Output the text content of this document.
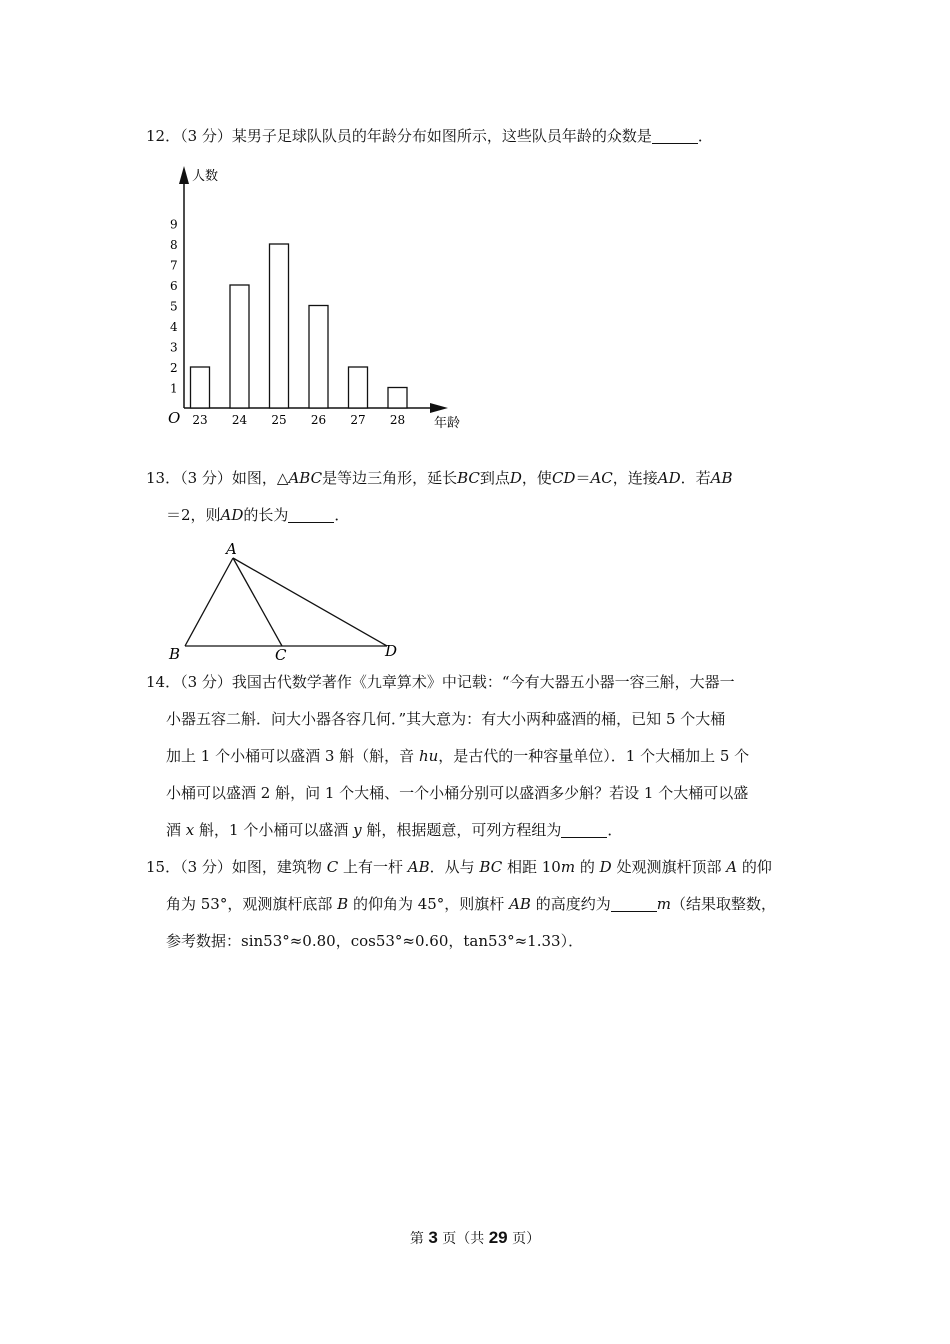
12．（3 分）某男子足球队队员的年龄分布如图所示，这些队员年龄的众数是	．
1
2
3
4
5
6
7
8
9
23 24 25 26 27 28
人数
年龄
O
13．（3 分）如图，△ABC是等边三角形，延长BC到点D，使CD＝AC，连接AD．若AB
＝2，则AD的长为	．
A
B	C	D
14．（3 分）我国古代数学著作《九章算术》中记载：“今有大器五小器一容三斛，大器一
小器五容二斛．问大小器各容几何．”其大意为：有大小两种盛酒的桶，已知 5 个大桶
加上 1 个小桶可以盛酒 3 斛（斛，音 hu，是古代的一种容量单位）．1 个大桶加上 5 个
小桶可以盛酒 2 斛，问 1 个大桶、一个小桶分别可以盛酒多少斛？若设 1 个大桶可以盛
酒 x 斛，1 个小桶可以盛酒 y 斛，根据题意，可列方程组为	．
15．（3 分）如图，建筑物 C 上有一杆 AB．从与 BC 相距 10m 的 D 处观测旗杆顶部 A 的仰
角为 53°，观测旗杆底部 B 的仰角为 45°，则旗杆 AB 的高度约为	m（结果取整数，
参考数据：sin53°≈0.80，cos53°≈0.60，tan53°≈1.33）．
第 3 页（共 29 页）
